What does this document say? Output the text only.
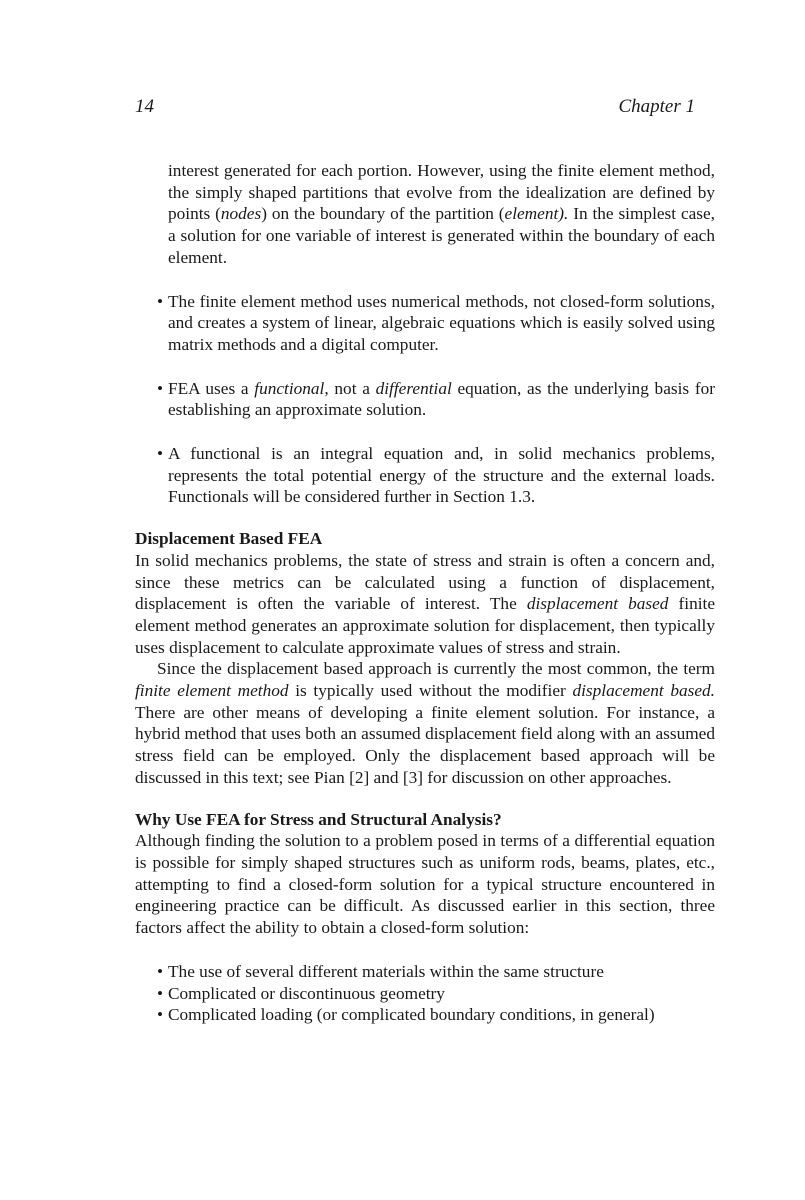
14	Chapter 1

interest generated for each portion. However, using the finite element method, the simply shaped partitions that evolve from the idealization are defined by points (nodes) on the boundary of the partition (element). In the simplest case, a solution for one variable of interest is generated within the boundary of each element.

• The finite element method uses numerical methods, not closed-form solutions, and creates a system of linear, algebraic equations which is easily solved using matrix methods and a digital computer.

• FEA uses a functional, not a differential equation, as the underlying basis for establishing an approximate solution.

• A functional is an integral equation and, in solid mechanics problems, represents the total potential energy of the structure and the external loads. Functionals will be considered further in Section 1.3.

Displacement Based FEA

In solid mechanics problems, the state of stress and strain is often a concern and, since these metrics can be calculated using a function of displacement, displacement is often the variable of interest. The displacement based finite element method generates an approximate solution for displacement, then typically uses displacement to calculate approximate values of stress and strain.

Since the displacement based approach is currently the most common, the term finite element method is typically used without the modifier displacement based. There are other means of developing a finite element solution. For instance, a hybrid method that uses both an assumed displacement field along with an assumed stress field can be employed. Only the displacement based approach will be discussed in this text; see Pian [2] and [3] for discussion on other approaches.

Why Use FEA for Stress and Structural Analysis?

Although finding the solution to a problem posed in terms of a differential equation is possible for simply shaped structures such as uniform rods, beams, plates, etc., attempting to find a closed-form solution for a typical structure encountered in engineering practice can be difficult. As discussed earlier in this section, three factors affect the ability to obtain a closed-form solution:

• The use of several different materials within the same structure
• Complicated or discontinuous geometry
• Complicated loading (or complicated boundary conditions, in general)
